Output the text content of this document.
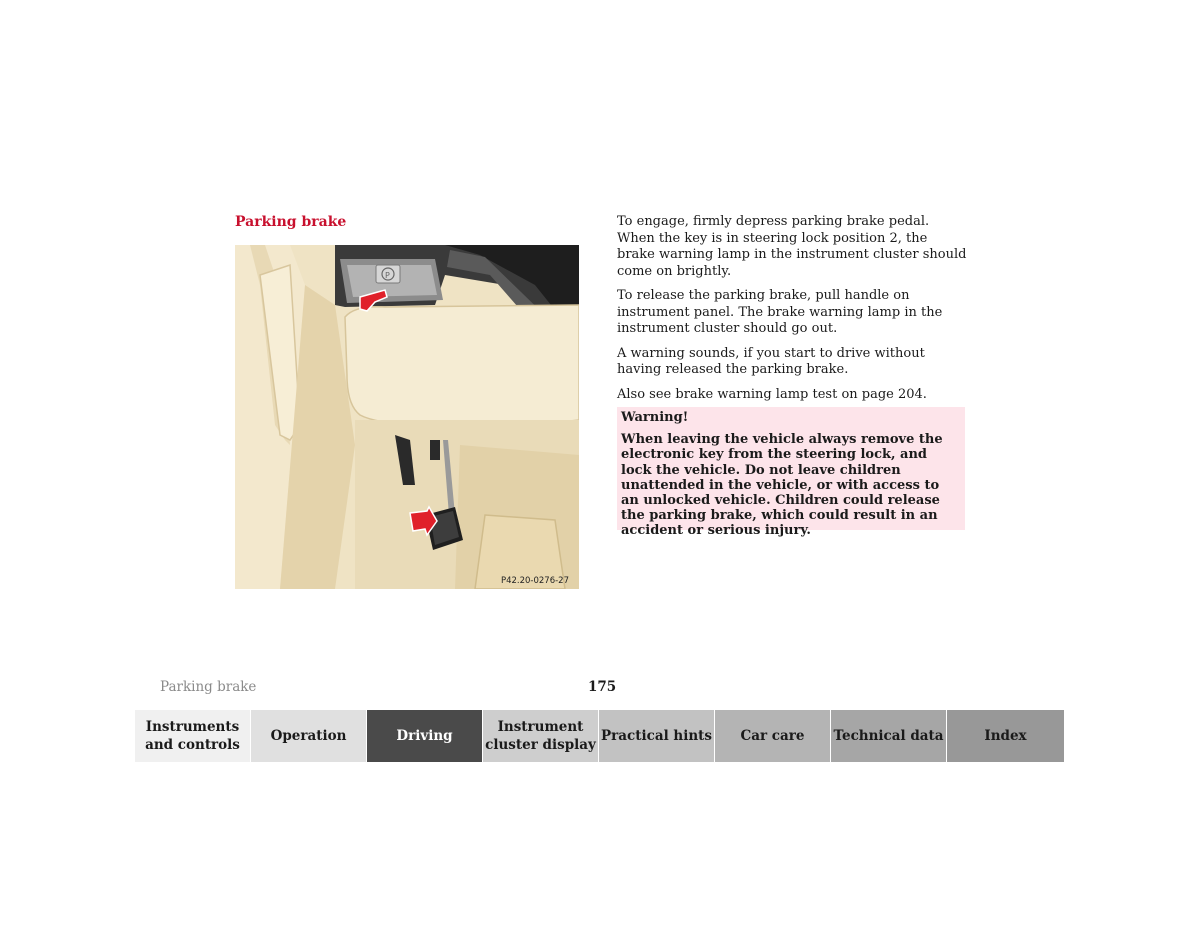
Parking brake
P
P42.20-0276-27

To engage, firmly depress parking brake pedal. When the key is in steering lock position 2, the brake warning lamp in the instrument cluster should come on brightly.

To release the parking brake, pull handle on instrument panel. The brake warning lamp in the instrument cluster should go out.

A warning sounds, if you start to drive without having released the parking brake.

Also see brake warning lamp test on page 204.

Warning!
When leaving the vehicle always remove the electronic key from the steering lock, and lock the vehicle. Do not leave children unattended in the vehicle, or with access to an unlocked vehicle. Children could release the parking brake, which could result in an accident or serious injury.
Parking brake	175
Instruments and controls
Operation	Driving
Instrument cluster display
Practical hints	Car care	Technical data	Index
